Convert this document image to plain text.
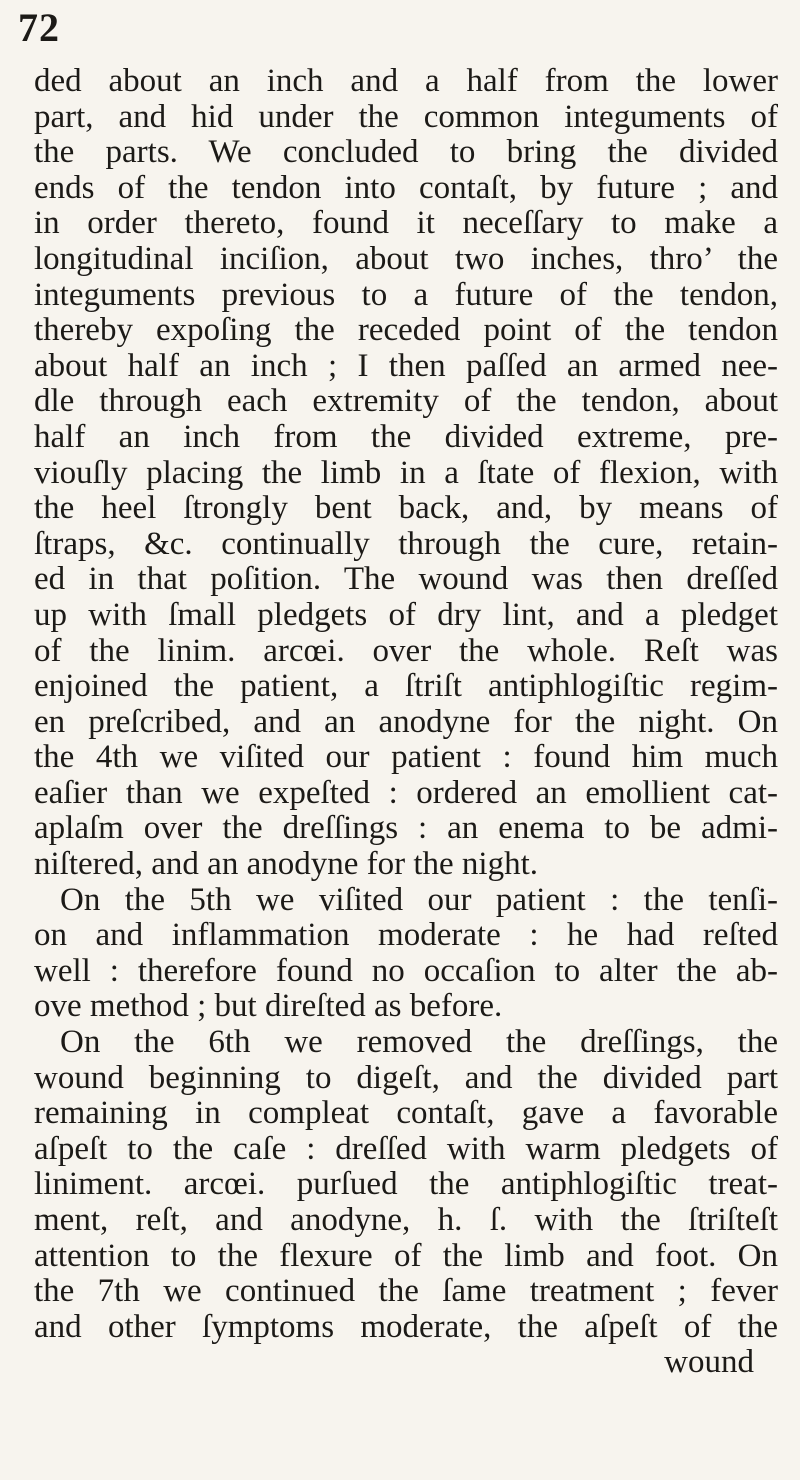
72
ded about an inch and a half from the lower
part, and hid under the common integuments of
the parts. We concluded to bring the divided
ends of the tendon into contaſt, by future ; and
in order thereto, found it neceſſary to make a
longitudinal inciſion, about two inches, thro’ the
integuments previous to a future of the tendon,
thereby expoſing the receded point of the tendon
about half an inch ; I then paſſed an armed nee-
dle through each extremity of the tendon, about
half an inch from the divided extreme, pre-
viouſly placing the limb in a ſtate of flexion, with
the heel ſtrongly bent back, and, by means of
ſtraps, &c. continually through the cure, retain-
ed in that poſition. The wound was then dreſſed
up with ſmall pledgets of dry lint, and a pledget
of the linim. arcœi. over the whole. Reſt was
enjoined the patient, a ſtriſt antiphlogiſtic regim-
en preſcribed, and an anodyne for the night. On
the 4th we viſited our patient : found him much
eaſier than we expeſted : ordered an emollient cat-
aplaſm over the dreſſings : an enema to be admi-
niſtered, and an anodyne for the night.
On the 5th we viſited our patient : the tenſi-
on and inflammation moderate : he had reſted
well : therefore found no occaſion to alter the ab-
ove method ; but direſted as before.
On the 6th we removed the dreſſings, the
wound beginning to digeſt, and the divided part
remaining in compleat contaſt, gave a favorable
aſpeſt to the caſe : dreſſed with warm pledgets of
liniment. arcœi. purſued the antiphlogiſtic treat-
ment, reſt, and anodyne, h. ſ. with the ſtriſteſt
attention to the flexure of the limb and foot. On
the 7th we continued the ſame treatment ; fever
and other ſymptoms moderate, the aſpeſt of the
wound
